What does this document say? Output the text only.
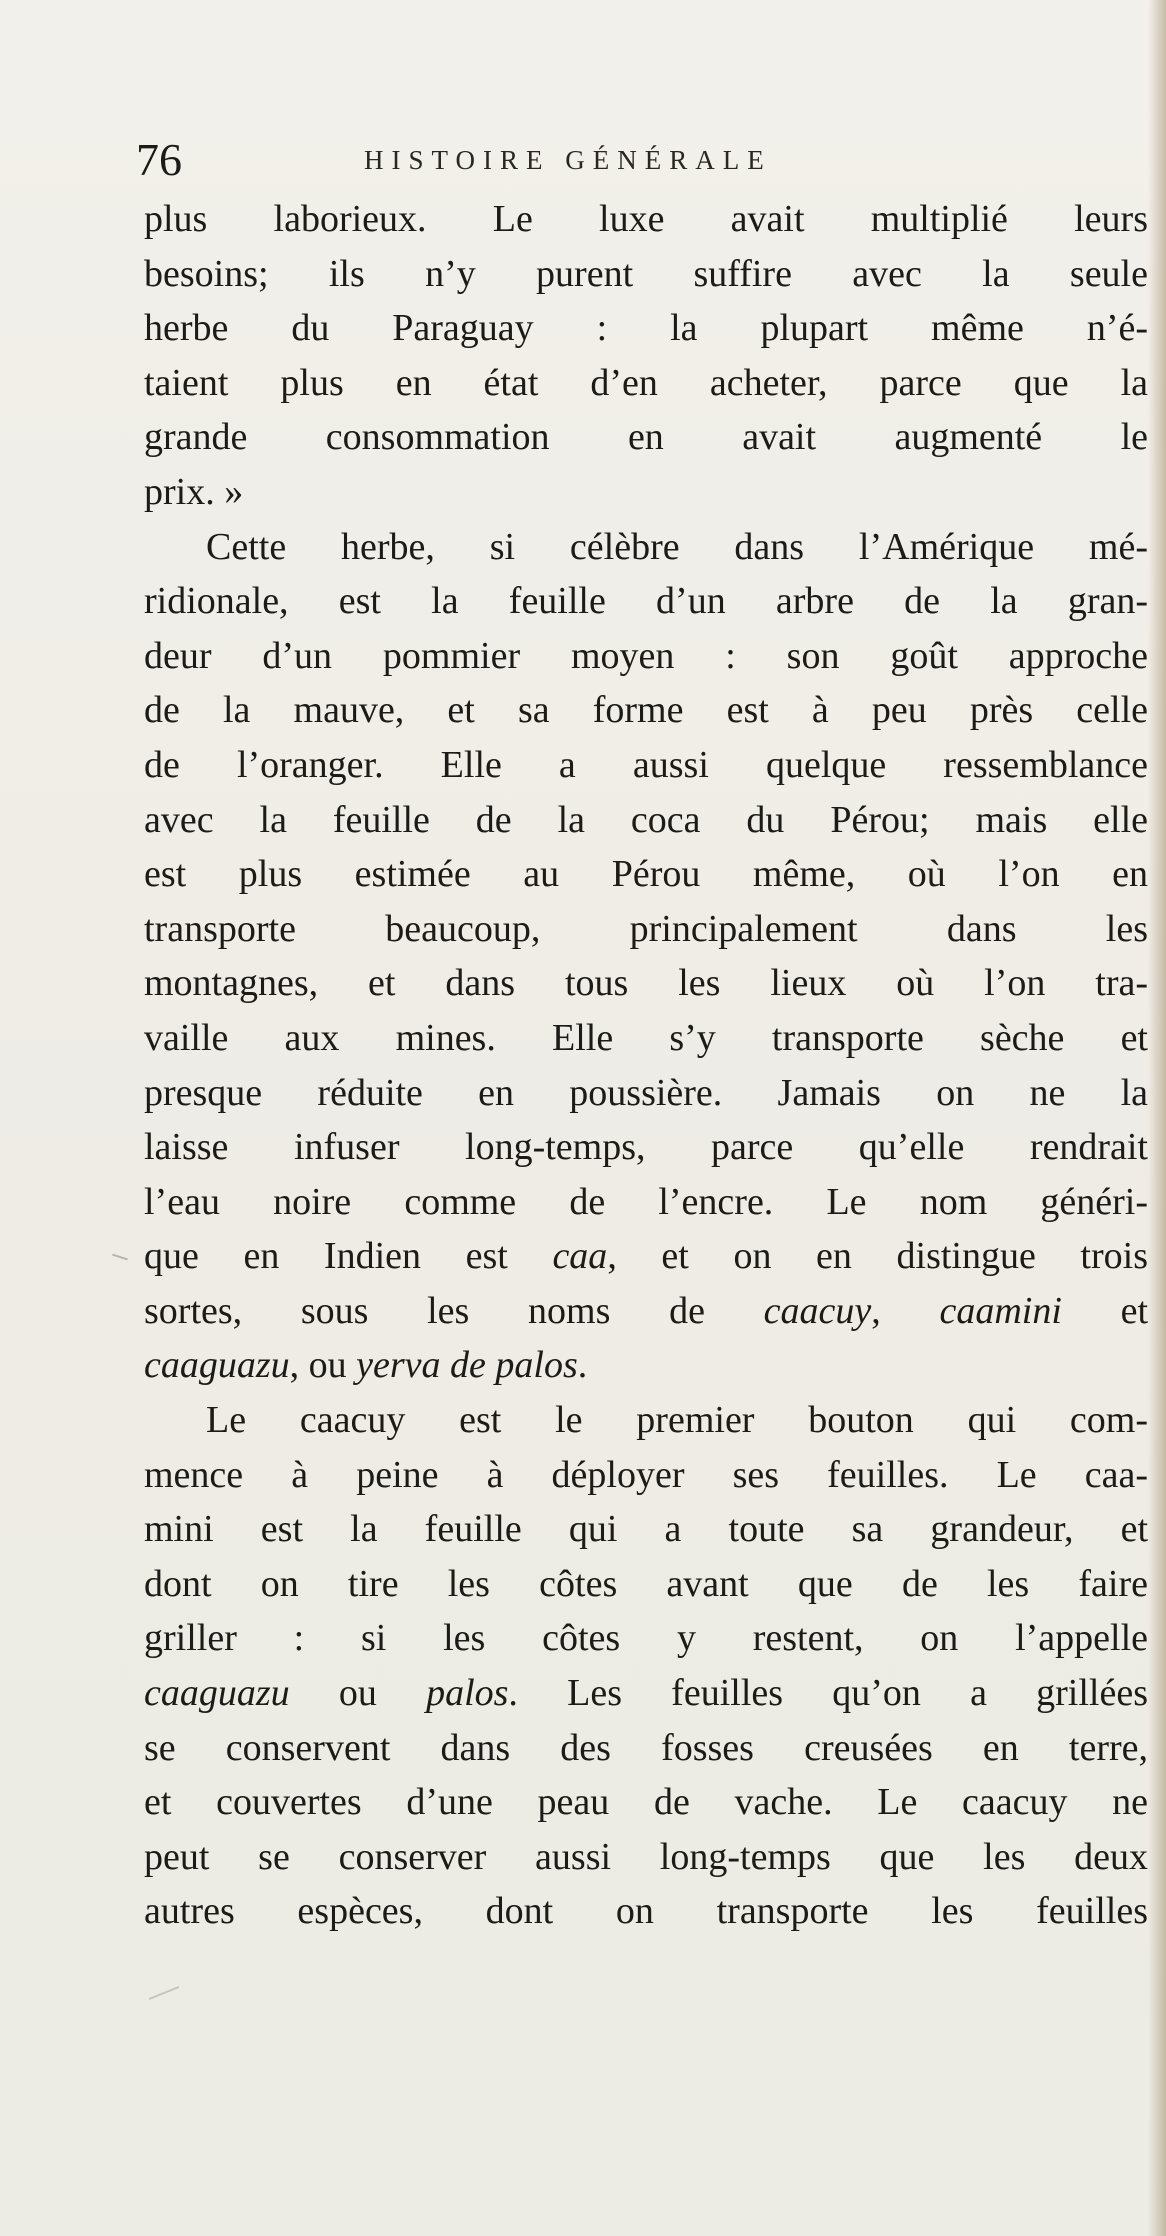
76	HISTOIRE GÉNÉRALE
plus laborieux. Le luxe avait multiplié leurs
besoins; ils n’y purent suffire avec la seule
herbe du Paraguay : la plupart même n’é-
taient plus en état d’en acheter, parce que la
grande consommation en avait augmenté le
prix. »
Cette herbe, si célèbre dans l’Amérique mé-
ridionale, est la feuille d’un arbre de la gran-
deur d’un pommier moyen : son goût approche
de la mauve, et sa forme est à peu près celle
de l’oranger. Elle a aussi quelque ressemblance
avec la feuille de la coca du Pérou; mais elle
est plus estimée au Pérou même, où l’on en
transporte beaucoup, principalement dans les
montagnes, et dans tous les lieux où l’on tra-
vaille aux mines. Elle s’y transporte sèche et
presque réduite en poussière. Jamais on ne la
laisse infuser long-temps, parce qu’elle rendrait
l’eau noire comme de l’encre. Le nom généri-
que en Indien est caa, et on en distingue trois
sortes, sous les noms de caacuy, caamini et
caaguazu, ou yerva de palos.
Le caacuy est le premier bouton qui com-
mence à peine à déployer ses feuilles. Le caa-
mini est la feuille qui a toute sa grandeur, et
dont on tire les côtes avant que de les faire
griller : si les côtes y restent, on l’appelle
caaguazu ou palos. Les feuilles qu’on a grillées
se conservent dans des fosses creusées en terre,
et couvertes d’une peau de vache. Le caacuy ne
peut se conserver aussi long-temps que les deux
autres espèces, dont on transporte les feuilles
